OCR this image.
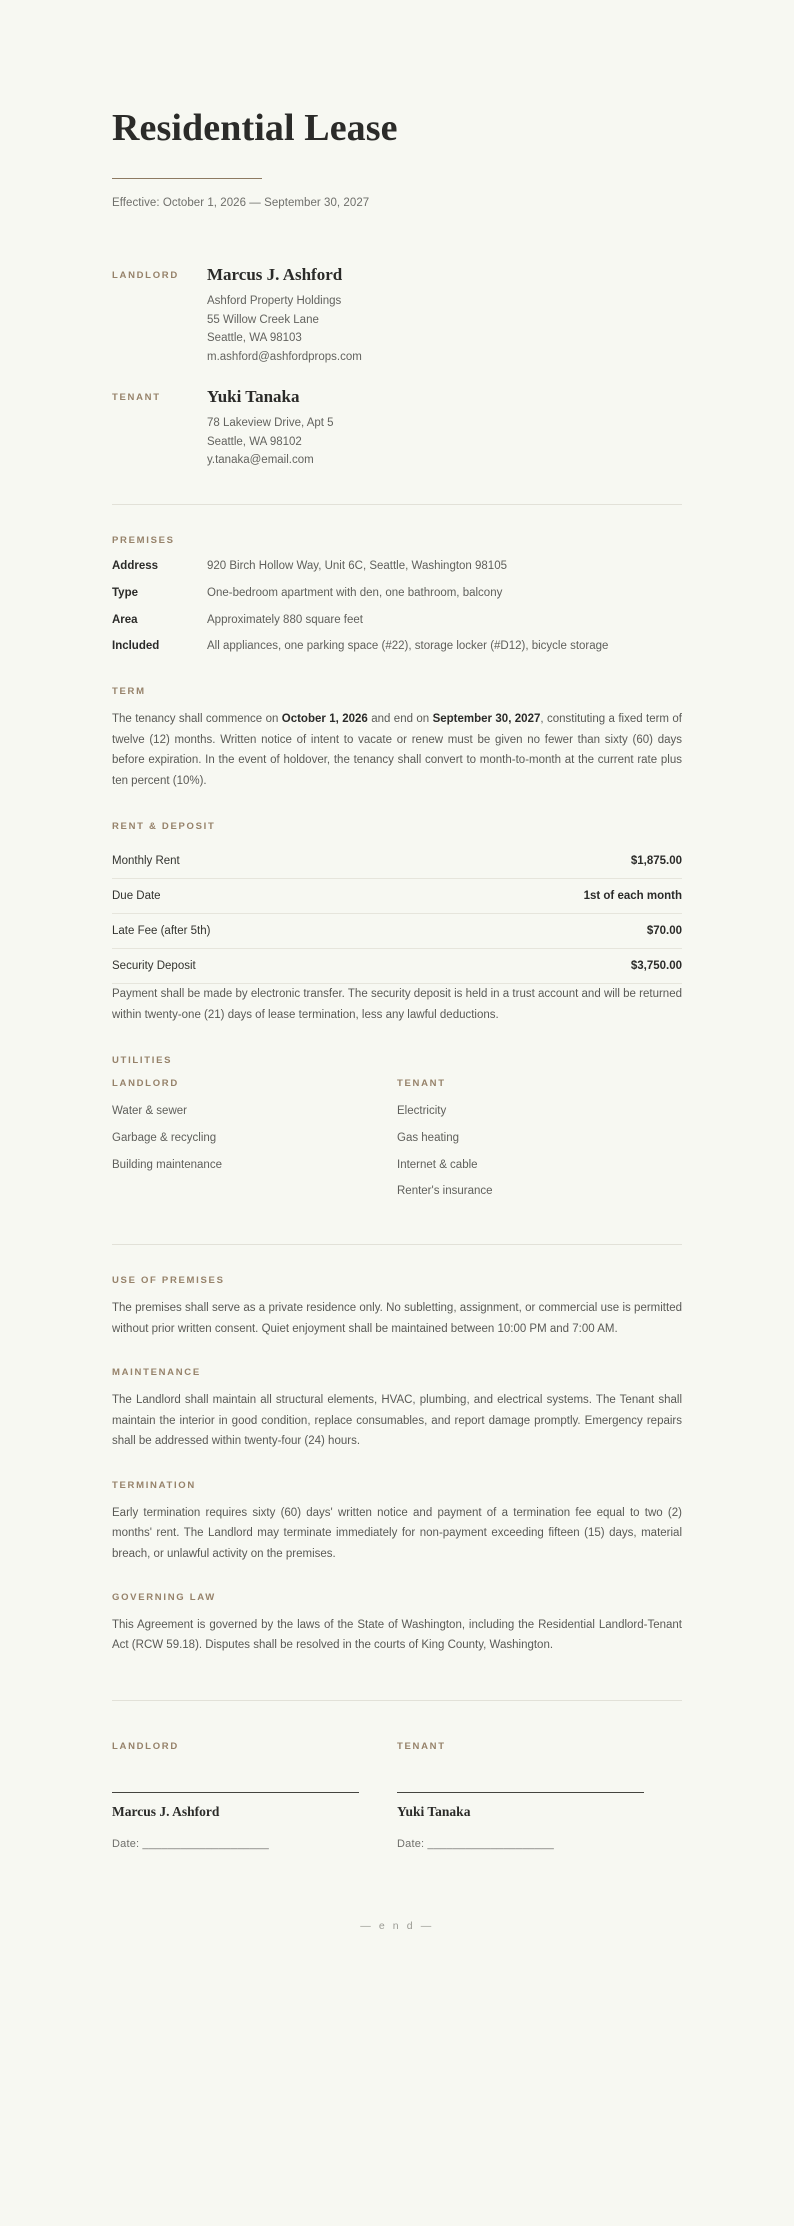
Residential Lease

Effective: October 1, 2026 — September 30, 2027

LANDLORD	Marcus J. Ashford
Ashford Property Holdings
55 Willow Creek Lane
Seattle, WA 98103
m.ashford@ashfordprops.com
TENANT	Yuki Tanaka
78 Lakeview Drive, Apt 5
Seattle, WA 98102
y.tanaka@email.com
PREMISES
Address	920 Birch Hollow Way, Unit 6C, Seattle, Washington 98105
Type	One-bedroom apartment with den, one bathroom, balcony
Area	Approximately 880 square feet
Included	All appliances, one parking space (#22), storage locker (#D12), bicycle storage
TERM

The tenancy shall commence on October 1, 2026 and end on September 30, 2027, constituting a fixed term of twelve (12) months. Written notice of intent to vacate or renew must be given no fewer than sixty (60) days before expiration. In the event of holdover, the tenancy shall convert to month-to-month at the current rate plus ten percent (10%).

RENT & DEPOSIT
Monthly Rent	$1,875.00
Due Date	1st of each month
Late Fee (after 5th)	$70.00
Security Deposit	$3,750.00

Payment shall be made by electronic transfer. The security deposit is held in a trust account and will be returned within twenty-one (21) days of lease termination, less any lawful deductions.

UTILITIES
LANDLORD
Water & sewer
Garbage & recycling
Building maintenance
TENANT
Electricity
Gas heating
Internet & cable
Renter's insurance
USE OF PREMISES

The premises shall serve as a private residence only. No subletting, assignment, or commercial use is permitted without prior written consent. Quiet enjoyment shall be maintained between 10:00 PM and 7:00 AM.

MAINTENANCE

The Landlord shall maintain all structural elements, HVAC, plumbing, and electrical systems. The Tenant shall maintain the interior in good condition, replace consumables, and report damage promptly. Emergency repairs shall be addressed within twenty-four (24) hours.

TERMINATION

Early termination requires sixty (60) days' written notice and payment of a termination fee equal to two (2) months' rent. The Landlord may terminate immediately for non-payment exceeding fifteen (15) days, material breach, or unlawful activity on the premises.

GOVERNING LAW

This Agreement is governed by the laws of the State of Washington, including the Residential Landlord-Tenant Act (RCW 59.18). Disputes shall be resolved in the courts of King County, Washington.

LANDLORD
Marcus J. Ashford
Date: ____________________
TENANT
Yuki Tanaka
Date: ____________________
— e n d —
